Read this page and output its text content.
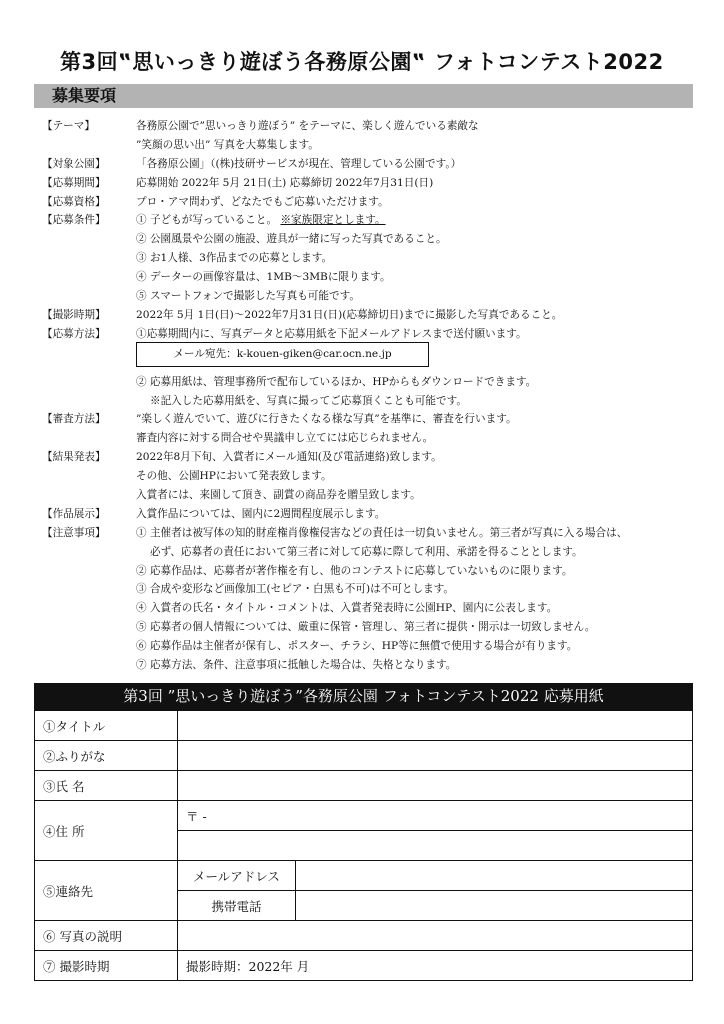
第3回‟思いっきり遊ぼう各務原公園‟ フォトコンテスト2022
募集要項
【テーマ】	各務原公園で”思いっきり遊ぼう” をテーマに、楽しく遊んでいる素敵な
”笑顔の思い出” 写真を大募集します。
【対象公園】	「各務原公園」（(株)技研サービスが現在、管理している公園です。）
【応募期間】	応募開始 2022年 5月 21日(土) 応募締切 2022年7月31日(日)
【応募資格】	プロ・アマ問わず、どなたでもご応募いただけます。
【応募条件】	① 子どもが写っていること。 ※家族限定とします。
② 公園風景や公園の施設、遊具が一緒に写った写真であること。
③ お1人様、3作品までの応募とします。
④ データーの画像容量は、1MB～3MBに限ります。
⑤ スマートフォンで撮影した写真も可能です。
【撮影時期】	2022年 5月 1日(日)～2022年7月31日(日)(応募締切日)までに撮影した写真であること。
【応募方法】	①応募期間内に、写真データと応募用紙を下記メールアドレスまで送付願います。
② 応募用紙は、管理事務所で配布しているほか、HPからもダウンロードできます。
※記入した応募用紙を、写真に撮ってご応募頂くことも可能です。
【審査方法】	”楽しく遊んでいて、遊びに行きたくなる様な写真”を基準に、審査を行います。
審査内容に対する問合せや異議申し立てには応じられません。
【結果発表】	2022年8月下旬、入賞者にメール通知(及び電話連絡)致します。
その他、公園HPにおいて発表致します。
入賞者には、来園して頂き、副賞の商品券を贈呈致します。
【作品展示】	入賞作品については、園内に2週間程度展示します。
【注意事項】	① 主催者は被写体の知的財産権肖像権侵害などの責任は一切負いません。第三者が写真に入る場合は、
必ず、応募者の責任において第三者に対して応募に際して利用、承諾を得ることとします。
② 応募作品は、応募者が著作権を有し、他のコンテストに応募していないものに限ります。
③ 合成や変形など画像加工(セピア・白黒も不可)は不可とします。
④ 入賞者の氏名・タイトル・コメントは、入賞者発表時に公園HP、園内に公表します。
⑤ 応募者の個人情報については、厳重に保管・管理し、第三者に提供・開示は一切致しません。
⑥ 応募作品は主催者が保有し、ポスター、チラシ、HP等に無償で使用する場合が有ります。
⑦ 応募方法、条件、注意事項に抵触した場合は、失格となります。
メール宛先：k-kouen-giken@car.ocn.ne.jp
第3回 ”思いっきり遊ぼう”各務原公園 フォトコンテスト2022 応募用紙
①タイトル		
②ふりがな		
③氏 名		
④住 所	〒 -	

⑤連絡先	メールアドレス	
	携帯電話	
⑥ 写真の説明		
⑦ 撮影時期	撮影時期：2022年 月	
